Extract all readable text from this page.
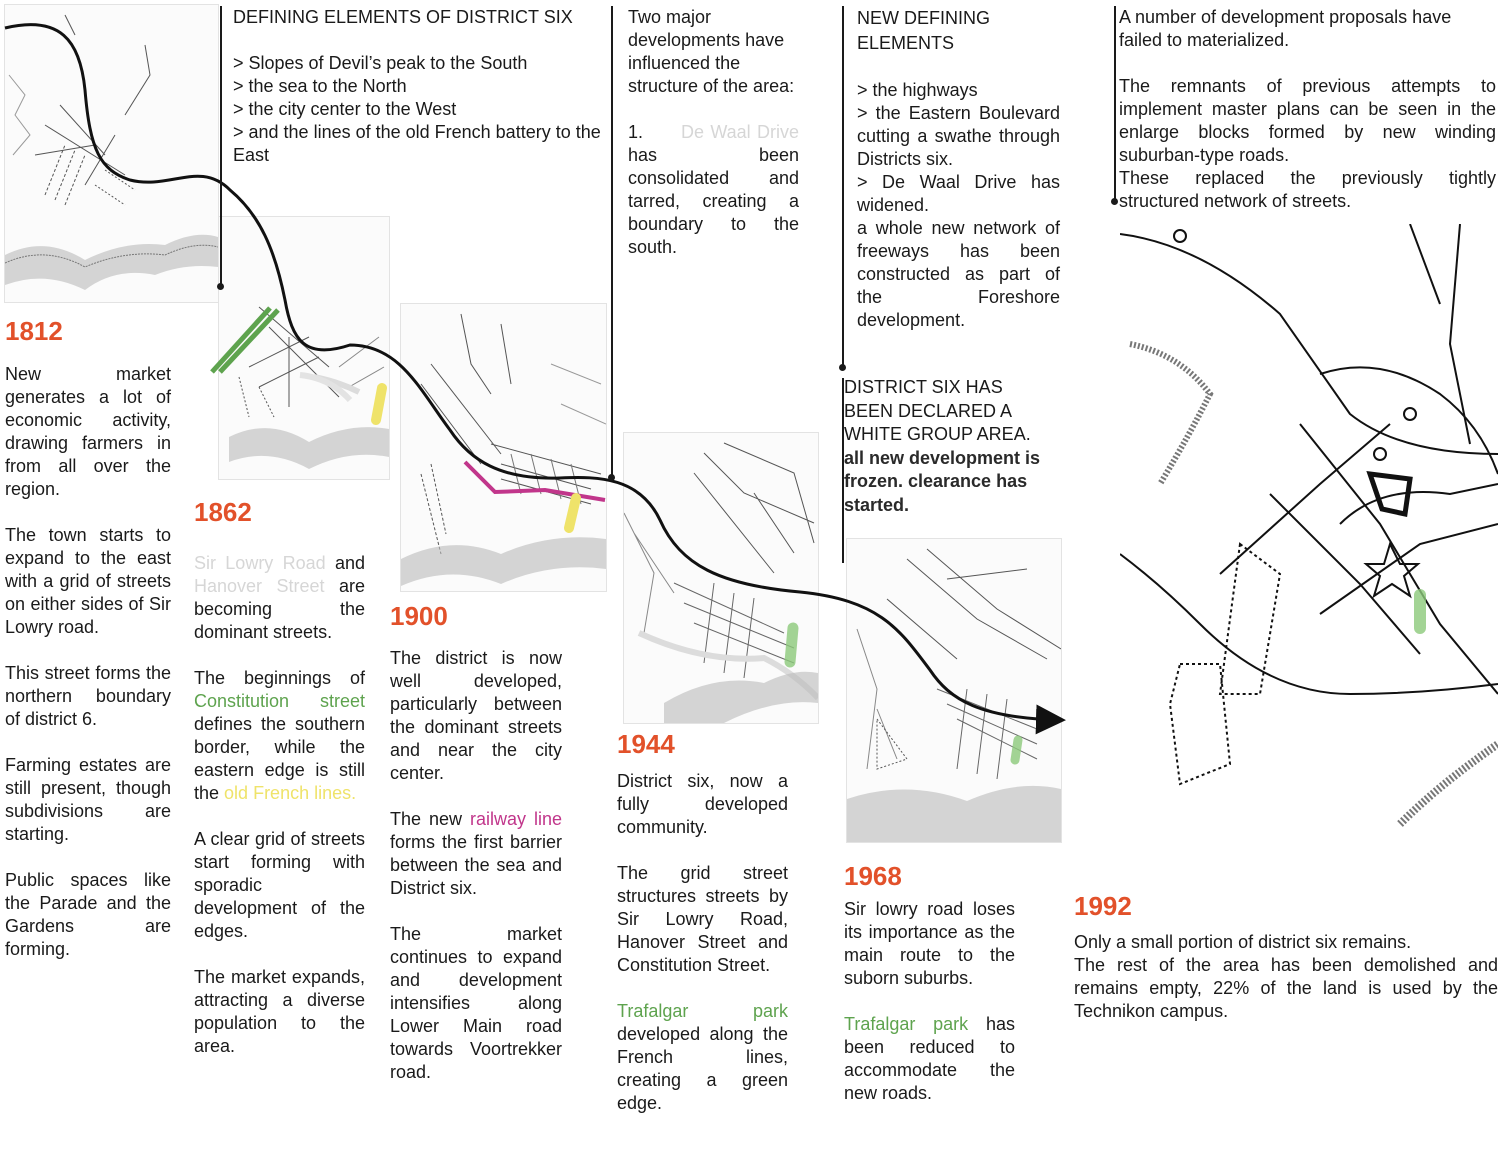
DEFINING ELEMENTS OF DISTRICT SIX
> Slopes of Devil’s peak to the South
> the sea to the North
> the city center to the West
> and the lines of the old French battery to the East

Two major developments have influenced the structure of the area:

1. De Waal Drive has been consolidated and tarred, creating a boundary to the south.

NEW DEFINING ELEMENTS
> the highways
> the Eastern Boulevard cutting a swathe through Districts six.
> De Waal Drive has widened.
a whole new network of freeways has been constructed as part of the Foreshore development.
DISTRICT SIX HAS BEEN DECLARED A WHITE GROUP AREA.
all new development is frozen. clearance has started.
A number of development proposals have failed to materialized.
The remnants of previous attempts to implement master plans can be seen in the enlarge blocks formed by new winding suburban-type roads.
These replaced the previously tightly structured network of streets.
1812

New market generates a lot of economic activity, drawing farmers in from all over the region.

The town starts to expand to the east with a grid of streets on either sides of Sir Lowry road.

This street forms the northern boundary of district 6.

Farming estates are still present, though subdivisions are starting.

Public spaces like the Parade and the Gardens are forming.

1862

Sir Lowry Road and Hanover Street are becoming the dominant streets.

The beginnings of Constitution street defines the southern border, while the eastern edge is still the old French lines.

A clear grid of streets start forming with sporadic development of the edges.

The market expands, attracting a diverse population to the area.

1900

The district is now well developed, particularly between the dominant streets and near the city center.

The new railway line forms the first barrier between the sea and District six.

The market continues to expand and development intensifies along Lower Main road towards Voortrekker road.

1944

District six, now a fully developed community.

The grid street structures streets by Sir Lowry Road, Hanover Street and Constitution Street.

Trafalgar park developed along the French lines, creating a green edge.

1968

Sir lowry road loses its importance as the main route to the suborn suburbs.

Trafalgar park has been reduced to accommodate the new roads.

1992
Only a small portion of district six remains.
The rest of the area has been demolished and remains empty, 22% of the land is used by the Technikon campus.
